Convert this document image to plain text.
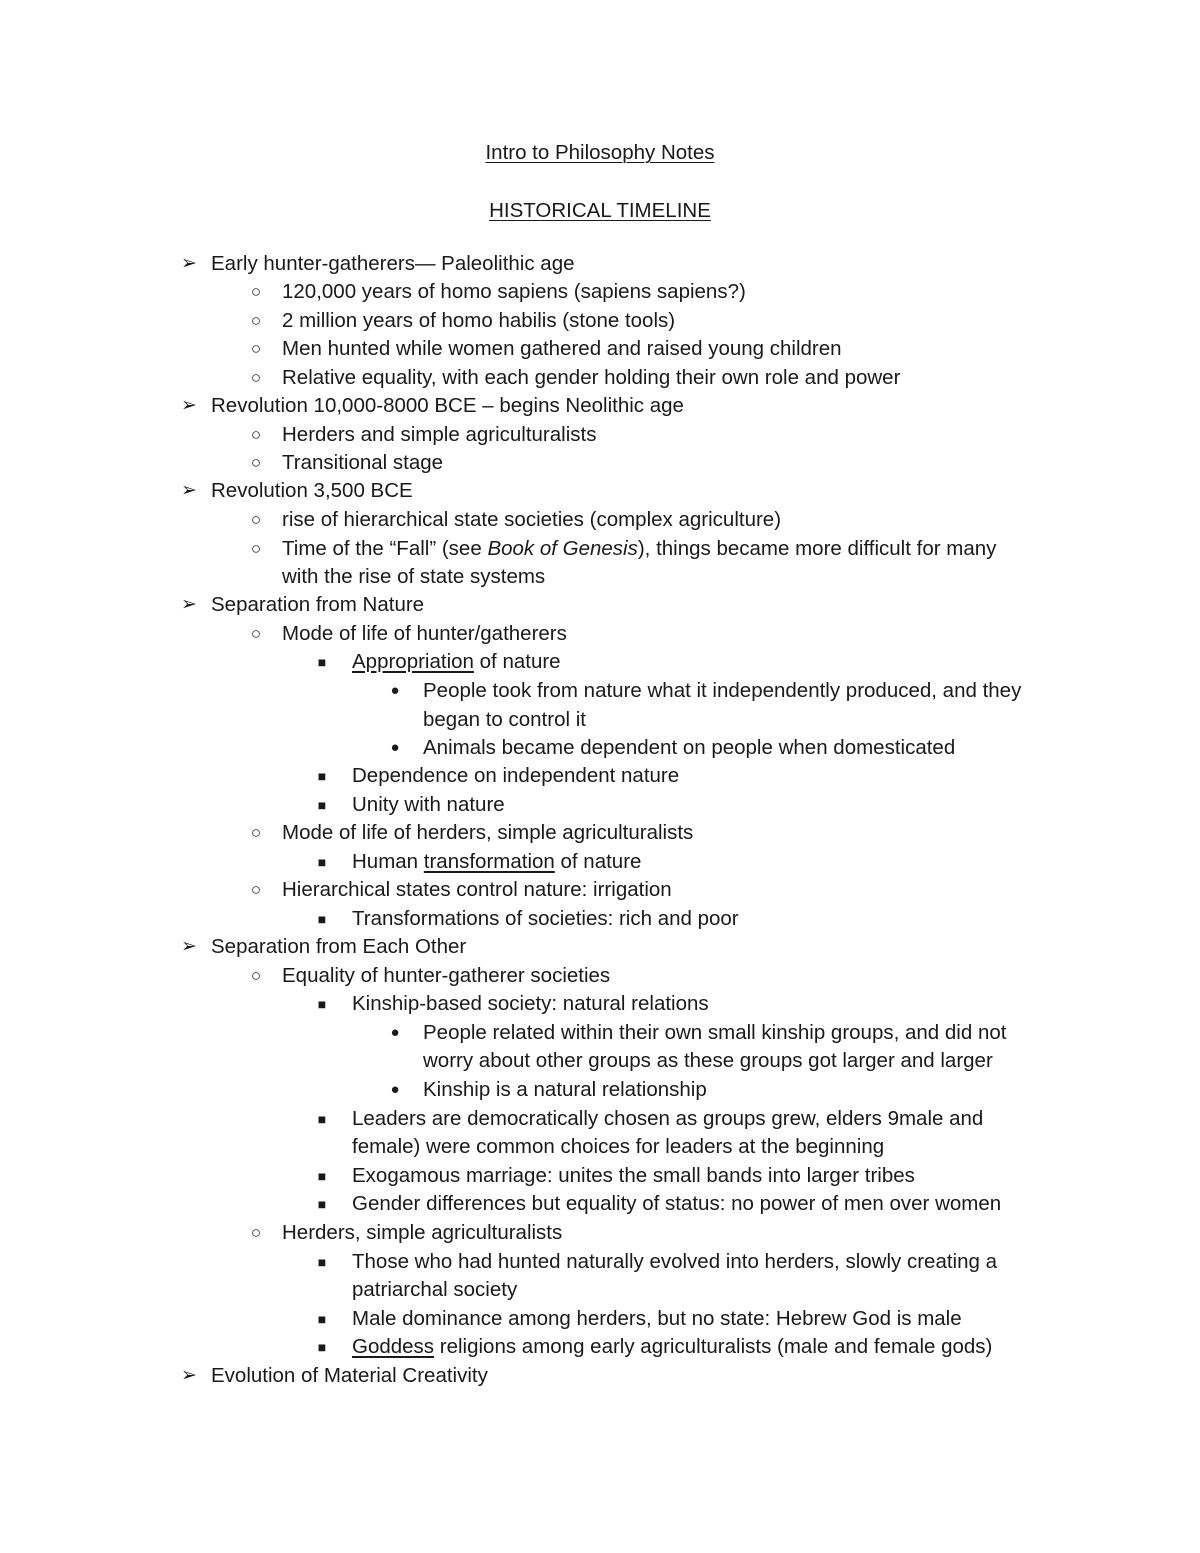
Intro to Philosophy Notes
HISTORICAL TIMELINE
➢ Early hunter-gatherers— Paleolithic age
○	120,000 years of homo sapiens (sapiens sapiens?)
○	2 million years of homo habilis (stone tools)
○	Men hunted while women gathered and raised young children
○	Relative equality, with each gender holding their own role and power
➢ Revolution 10,000-8000 BCE – begins Neolithic age
○	Herders and simple agriculturalists
○	Transitional stage
➢ Revolution 3,500 BCE
○	rise of hierarchical state societies (complex agriculture)
○	Time of the “Fall” (see Book of Genesis), things became more difficult for many
with the rise of state systems
➢ Separation from Nature
○	Mode of life of hunter/gatherers
■	Appropriation of nature
●	People took from nature what it independently produced, and they
began to control it
●	Animals became dependent on people when domesticated
■	Dependence on independent nature
■	Unity with nature
○	Mode of life of herders, simple agriculturalists
■	Human transformation of nature
○	Hierarchical states control nature: irrigation
■	Transformations of societies: rich and poor
➢ Separation from Each Other
○	Equality of hunter-gatherer societies
■	Kinship-based society: natural relations
●	People related within their own small kinship groups, and did not
worry about other groups as these groups got larger and larger
●	Kinship is a natural relationship
■	Leaders are democratically chosen as groups grew, elders 9male and
female) were common choices for leaders at the beginning
■	Exogamous marriage: unites the small bands into larger tribes
■	Gender differences but equality of status: no power of men over women
○	Herders, simple agriculturalists
■	Those who had hunted naturally evolved into herders, slowly creating a
patriarchal society
■	Male dominance among herders, but no state: Hebrew God is male
■	Goddess religions among early agriculturalists (male and female gods)
➢ Evolution of Material Creativity
